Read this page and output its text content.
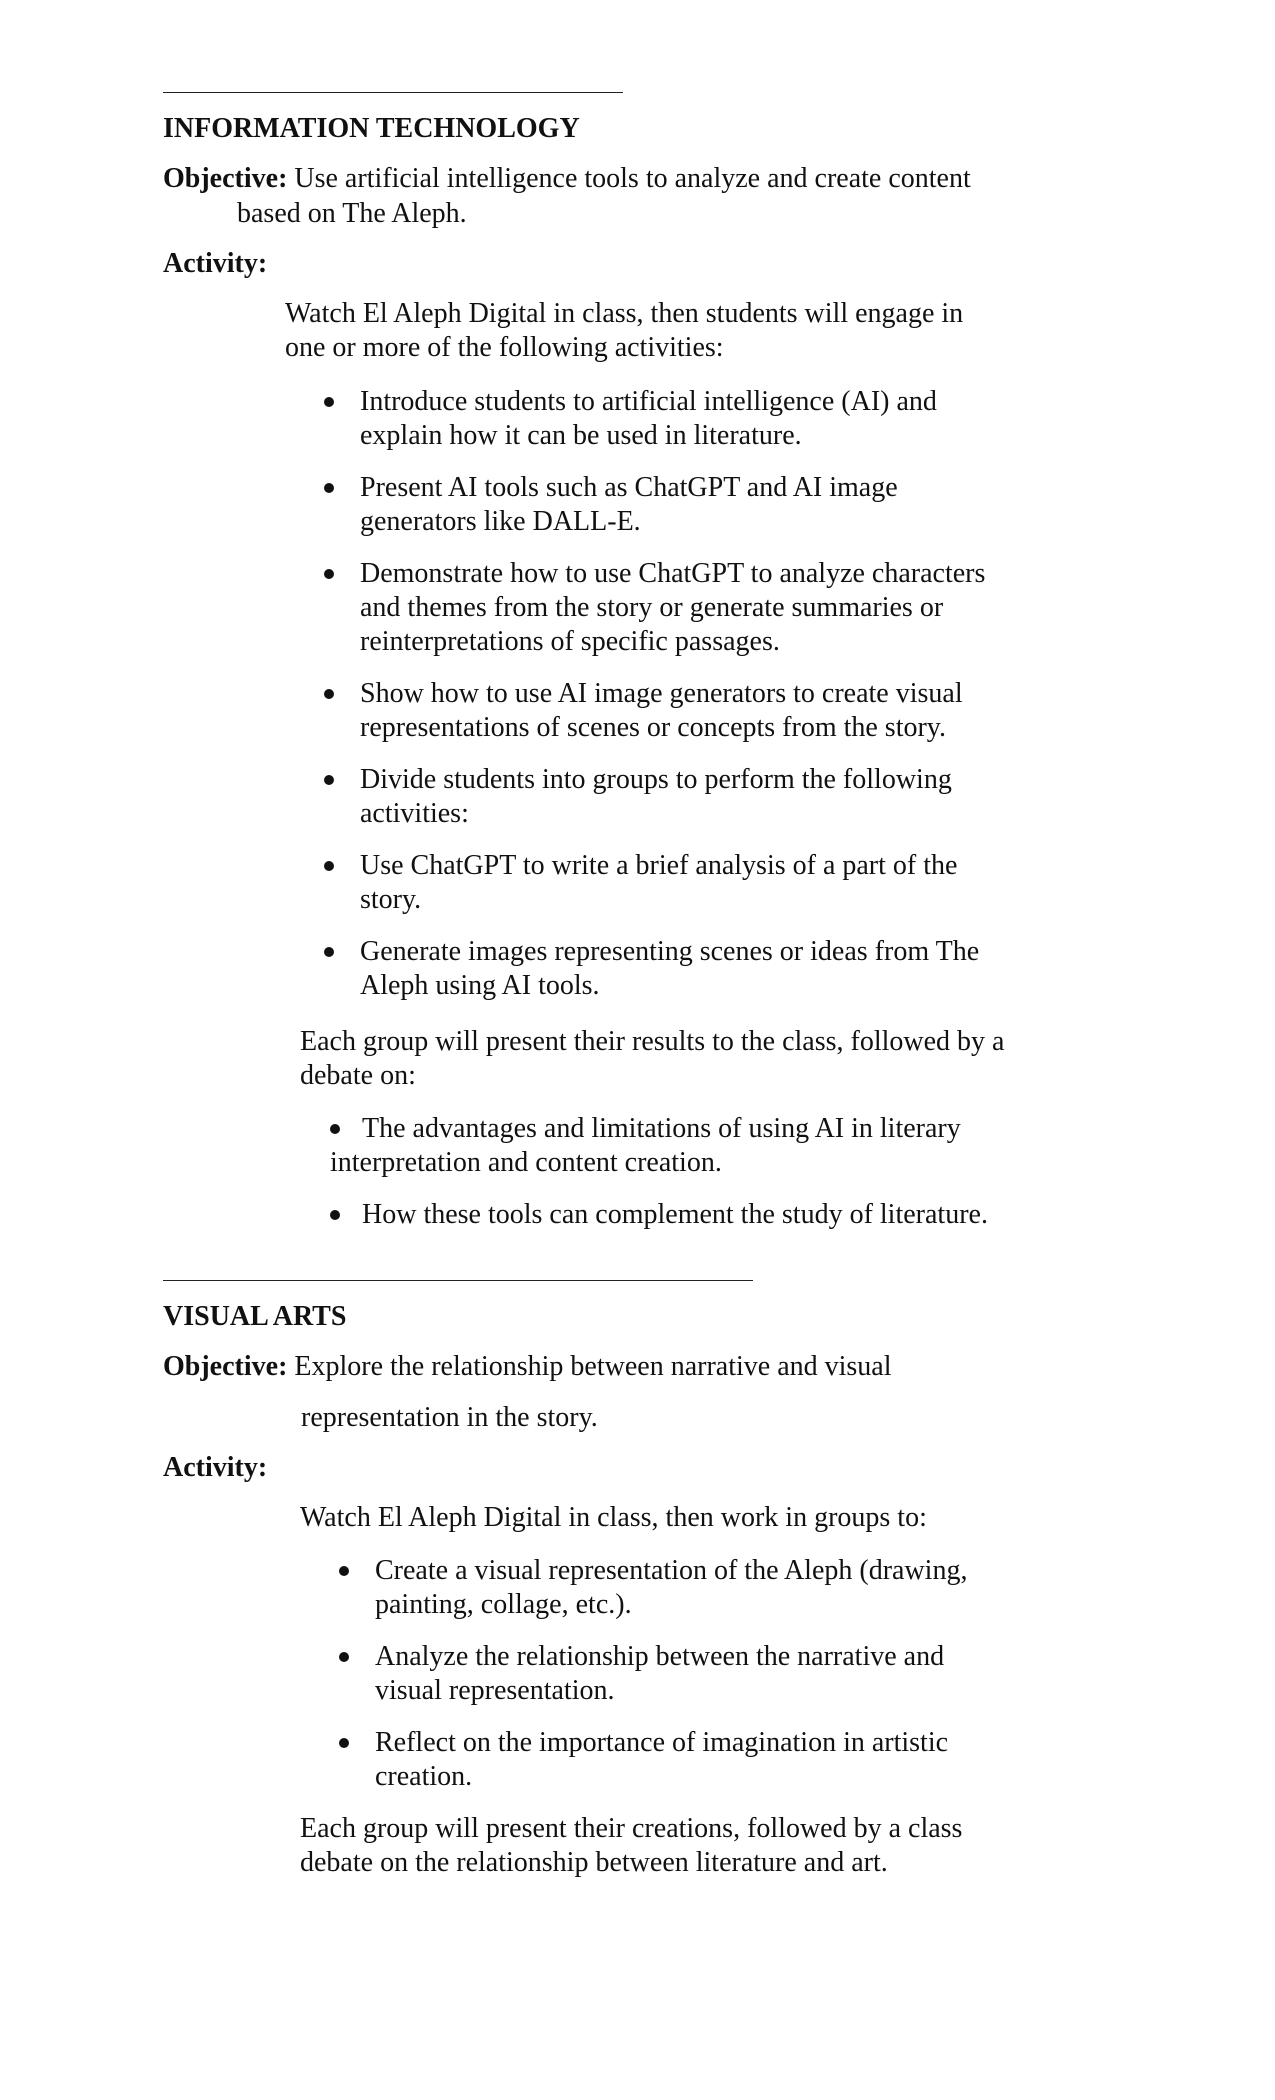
INFORMATION TECHNOLOGY
Objective: Use artificial intelligence tools to analyze and create content
based on The Aleph.
Activity:
Watch El Aleph Digital in class, then students will engage in
one or more of the following activities:
Introduce students to artificial intelligence (AI) and
explain how it can be used in literature.
Present AI tools such as ChatGPT and AI image
generators like DALL-E.
Demonstrate how to use ChatGPT to analyze characters
and themes from the story or generate summaries or
reinterpretations of specific passages.
Show how to use AI image generators to create visual
representations of scenes or concepts from the story.
Divide students into groups to perform the following
activities:
Use ChatGPT to write a brief analysis of a part of the
story.
Generate images representing scenes or ideas from The
Aleph using AI tools.
Each group will present their results to the class, followed by a
debate on:
The advantages and limitations of using AI in literary
interpretation and content creation.
How these tools can complement the study of literature.
VISUAL ARTS
Objective: Explore the relationship between narrative and visual
representation in the story.
Activity:
Watch El Aleph Digital in class, then work in groups to:
Create a visual representation of the Aleph (drawing,
painting, collage, etc.).
Analyze the relationship between the narrative and
visual representation.
Reflect on the importance of imagination in artistic
creation.
Each group will present their creations, followed by a class
debate on the relationship between literature and art.
